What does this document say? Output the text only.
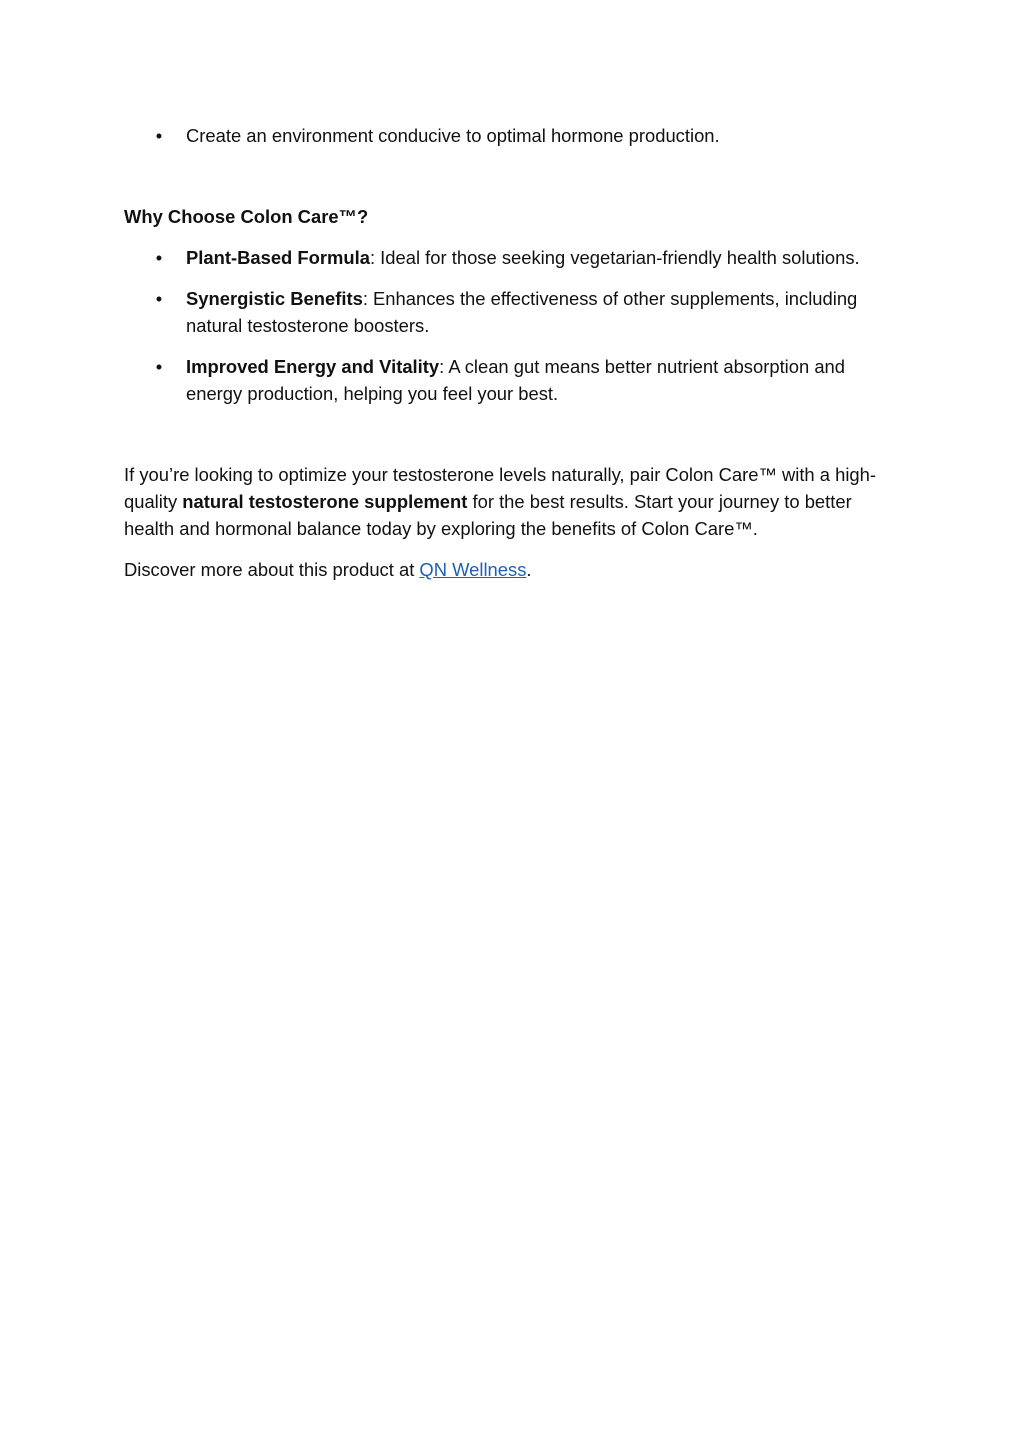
• Create an environment conducive to optimal hormone production.
Why Choose Colon Care™?
• Plant-Based Formula: Ideal for those seeking vegetarian-friendly health solutions.
• Synergistic Benefits: Enhances the effectiveness of other supplements, including natural testosterone boosters.
• Improved Energy and Vitality: A clean gut means better nutrient absorption and energy production, helping you feel your best.

If you’re looking to optimize your testosterone levels naturally, pair Colon Care™ with a high-quality natural testosterone supplement for the best results. Start your journey to better health and hormonal balance today by exploring the benefits of Colon Care™.

Discover more about this product at QN Wellness.
